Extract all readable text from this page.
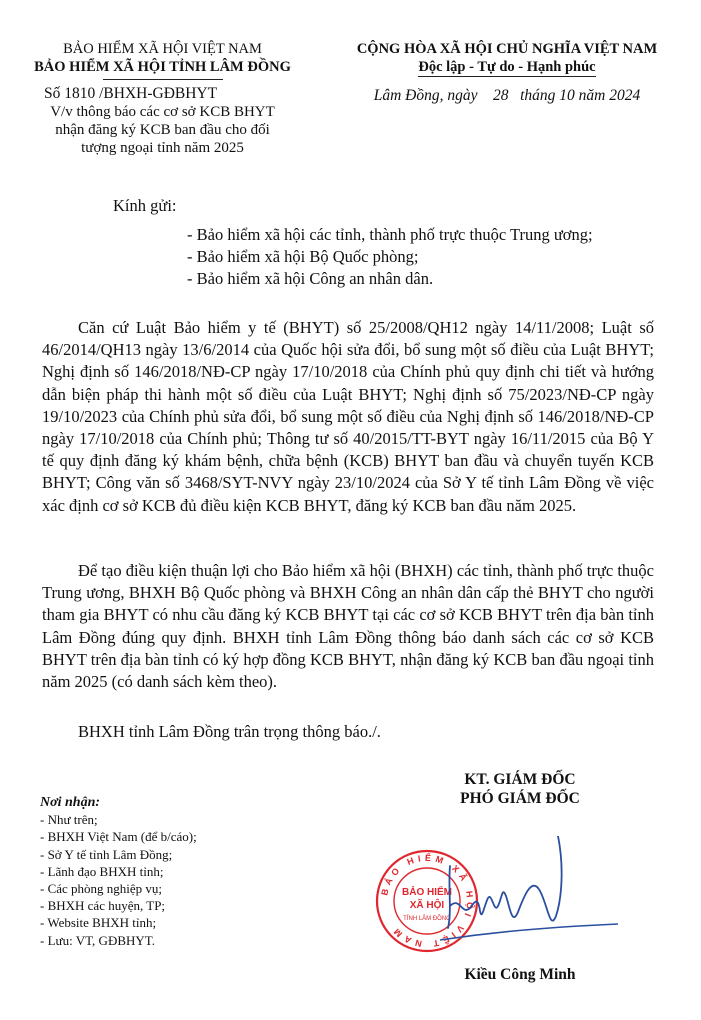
BẢO HIỂM XÃ HỘI VIỆT NAM
BẢO HIỂM XÃ HỘI TỈNH LÂM ĐỒNG
Số 1810 /BHXH-GĐBHYT
V/v thông báo các cơ sở KCB BHYT
nhận đăng ký KCB ban đầu cho đối
tượng ngoại tỉnh năm 2025
CỘNG HÒA XÃ HỘI CHỦ NGHĨA VIỆT NAM
Độc lập - Tự do - Hạnh phúc
Lâm Đồng, ngày    28   tháng 10 năm 2024
Kính gửi:
- Bảo hiểm xã hội các tỉnh, thành phố trực thuộc Trung ương;
- Bảo hiểm xã hội Bộ Quốc phòng;
- Bảo hiểm xã hội Công an nhân dân.
Căn cứ Luật Bảo hiểm y tế (BHYT) số 25/2008/QH12 ngày 14/11/2008; Luật số 46/2014/QH13 ngày 13/6/2014 của Quốc hội sửa đổi, bổ sung một số điều của Luật BHYT; Nghị định số 146/2018/NĐ-CP ngày 17/10/2018 của Chính phủ quy định chi tiết và hướng dẫn biện pháp thi hành một số điều của Luật BHYT; Nghị định số 75/2023/NĐ-CP ngày 19/10/2023 của Chính phủ sửa đổi, bổ sung một số điều của Nghị định số 146/2018/NĐ-CP ngày 17/10/2018 của Chính phủ; Thông tư số 40/2015/TT-BYT ngày 16/11/2015 của Bộ Y tế quy định đăng ký khám bệnh, chữa bệnh (KCB) BHYT ban đầu và chuyển tuyến KCB BHYT; Công văn số 3468/SYT-NVY ngày 23/10/2024 của Sở Y tế tỉnh Lâm Đồng về việc xác định cơ sở KCB đủ điều kiện KCB BHYT, đăng ký KCB ban đầu năm 2025.
Để tạo điều kiện thuận lợi cho Bảo hiểm xã hội (BHXH) các tỉnh, thành phố trực thuộc Trung ương, BHXH Bộ Quốc phòng và BHXH Công an nhân dân cấp thẻ BHYT cho người tham gia BHYT có nhu cầu đăng ký KCB BHYT tại các cơ sở KCB BHYT trên địa bàn tỉnh Lâm Đồng đúng quy định. BHXH tỉnh Lâm Đồng thông báo danh sách các cơ sở KCB BHYT trên địa bàn tỉnh có ký hợp đồng KCB BHYT, nhận đăng ký KCB ban đầu ngoại tỉnh năm 2025 (có danh sách kèm theo).
BHXH tỉnh Lâm Đồng trân trọng thông báo./.
Nơi nhận:
- Như trên;
- BHXH Việt Nam (để b/cáo);
- Sở Y tế tỉnh Lâm Đồng;
- Lãnh đạo BHXH tỉnh;
- Các phòng nghiệp vụ;
- BHXH các huyện, TP;
- Website BHXH tỉnh;
- Lưu: VT, GĐBHYT.
KT. GIÁM ĐỐC
PHÓ GIÁM ĐỐC
BẢO HIỂM XÃ HỘI VIỆT NAM
BẢO HIỂM
XÃ HỘI
TỈNH LÂM ĐỒNG
Kiều Công Minh
